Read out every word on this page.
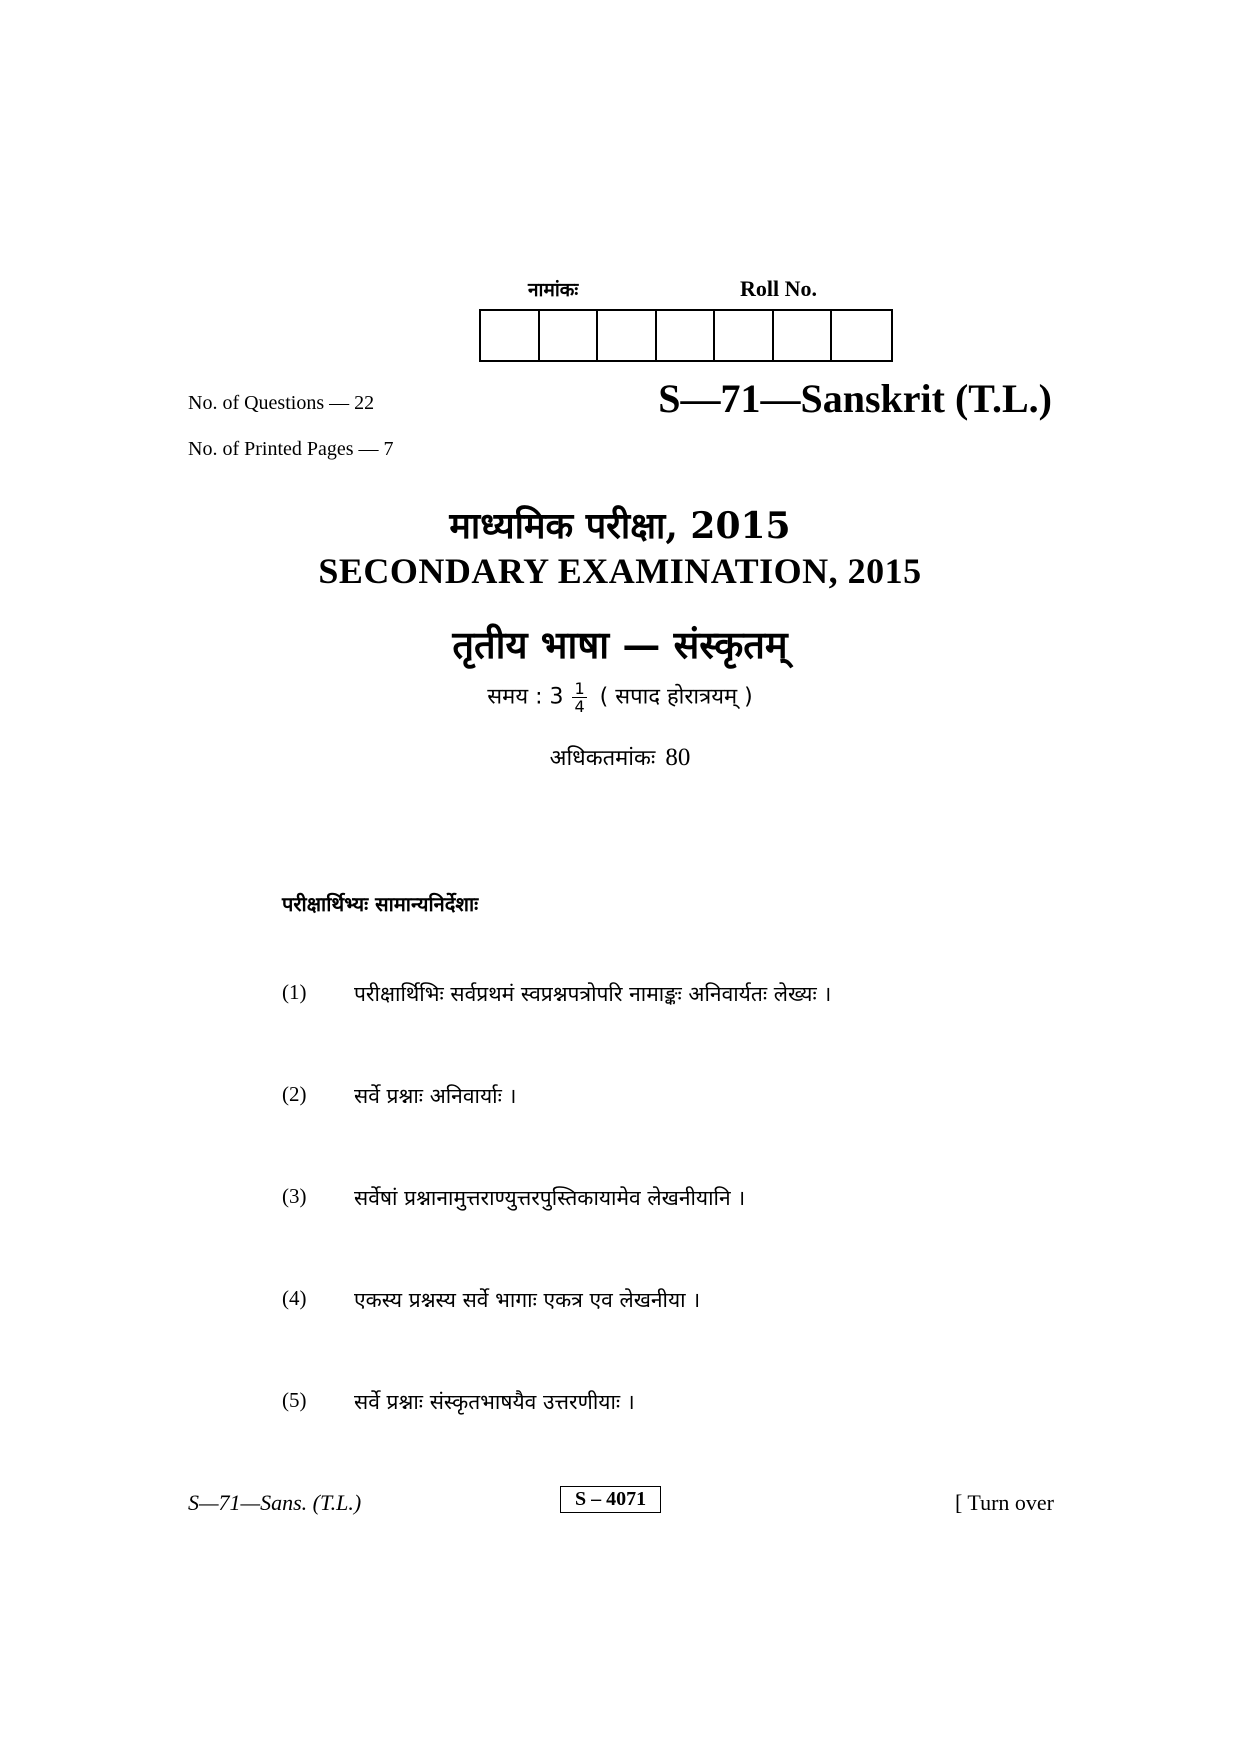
नामांकः	Roll No.
No. of Questions — 22
No. of Printed Pages — 7
S—71—Sanskrit (T.L.)
माध्यमिक परीक्षा, 2015
SECONDARY EXAMINATION, 2015
तृतीय भाषा — संस्कृतम्
समय : $3 \frac{1}{4}$ ( सपाद होरात्रयम् )
अधिकतमांकः 80
परीक्षार्थिभ्यः सामान्यनिर्देशाः
(1)	परीक्षार्थिभिः सर्वप्रथमं स्वप्रश्नपत्रोपरि नामाङ्कः अनिवार्यतः लेख्यः ।
(2)	सर्वे प्रश्नाः अनिवार्याः ।
(3)	सर्वेषां प्रश्नानामुत्तराण्युत्तरपुस्तिकायामेव लेखनीयानि ।
(4)	एकस्य प्रश्नस्य सर्वे भागाः एकत्र एव लेखनीया ।
(5)	सर्वे प्रश्नाः संस्कृतभाषयैव उत्तरणीयाः ।
S—71—Sans. (T.L.)	S – 4071	[ Turn over
